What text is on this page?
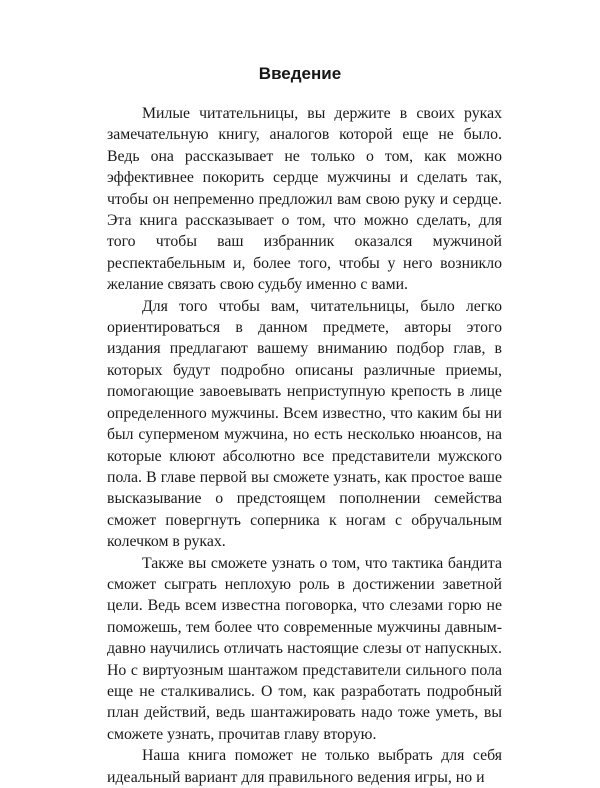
Введение

Милые читательницы, вы держите в своих руках замечательную книгу, аналогов которой еще не было. Ведь она рассказывает не только о том, как можно эффективнее покорить сердце мужчины и сделать так, чтобы он непременно предложил вам свою руку и сердце. Эта книга рассказывает о том, что можно сделать, для того чтобы ваш избранник оказался мужчиной респектабельным и, более того, чтобы у него возникло желание связать свою судьбу именно с вами.

Для того чтобы вам, читательницы, было легко ориентироваться в данном предмете, авторы этого издания предлагают вашему вниманию подбор глав, в которых будут подробно описаны различные приемы, помогающие завоевывать неприступную крепость в лице определенного мужчины. Всем известно, что каким бы ни был суперменом мужчина, но есть несколько нюансов, на которые клюют абсолютно все представители мужского пола. В главе первой вы сможете узнать, как простое ваше высказывание о предстоящем пополнении семейства сможет повергнуть соперника к ногам с обручальным колечком в руках.

Также вы сможете узнать о том, что тактика бандита сможет сыграть неплохую роль в достижении заветной цели. Ведь всем известна поговорка, что слезами горю не поможешь, тем более что современные мужчины давным-давно научились отличать настоящие слезы от напускных. Но с виртуозным шантажом представители сильного пола еще не сталкивались. О том, как разработать подробный план действий, ведь шантажировать надо тоже уметь, вы сможете узнать, прочитав главу вторую.

Наша книга поможет не только выбрать для себя идеальный вариант для правильного ведения игры, но и
